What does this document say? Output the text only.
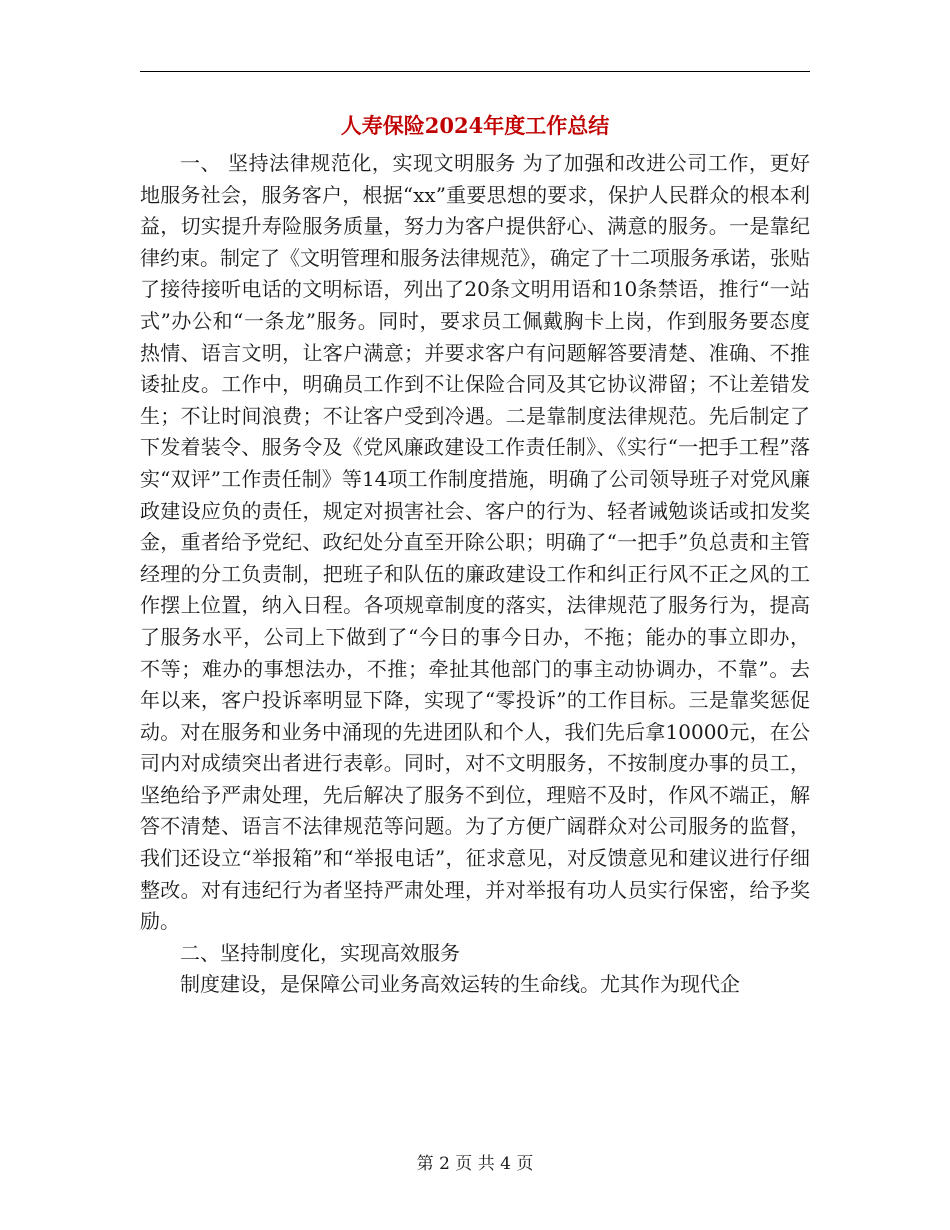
人寿保险2024年度工作总结

一、 坚持法律规范化，实现文明服务 为了加强和改进公司工作，更好地服务社会，服务客户，根据“xx”重要思想的要求，保护人民群众的根本利益，切实提升寿险服务质量，努力为客户提供舒心、满意的服务。一是靠纪律约束。制定了《文明管理和服务法律规范》，确定了十二项服务承诺，张贴了接待接听电话的文明标语，列出了20条文明用语和10条禁语，推行“一站式”办公和“一条龙”服务。同时，要求员工佩戴胸卡上岗，作到服务要态度热情、语言文明，让客户满意；并要求客户有问题解答要清楚、准确、不推诿扯皮。工作中，明确员工作到不让保险合同及其它协议滞留；不让差错发生；不让时间浪费；不让客户受到冷遇。二是靠制度法律规范。先后制定了下发着装令、服务令及《党风廉政建设工作责任制》、《实行“一把手工程”落实“双评”工作责任制》等14项工作制度措施，明确了公司领导班子对党风廉政建设应负的责任，规定对损害社会、客户的行为、轻者诫勉谈话或扣发奖金，重者给予党纪、政纪处分直至开除公职；明确了“一把手”负总责和主管经理的分工负责制，把班子和队伍的廉政建设工作和纠正行风不正之风的工作摆上位置，纳入日程。各项规章制度的落实，法律规范了服务行为，提高了服务水平，公司上下做到了“今日的事今日办，不拖；能办的事立即办，不等；难办的事想法办，不推；牵扯其他部门的事主动协调办，不靠”。去年以来，客户投诉率明显下降，实现了“零投诉”的工作目标。三是靠奖惩促动。对在服务和业务中涌现的先进团队和个人，我们先后拿10000元，在公司内对成绩突出者进行表彰。同时，对不文明服务，不按制度办事的员工，坚绝给予严肃处理，先后解决了服务不到位，理赔不及时，作风不端正，解答不清楚、语言不法律规范等问题。为了方便广阔群众对公司服务的监督，我们还设立“举报箱”和“举报电话”，征求意见，对反馈意见和建议进行仔细 整改。对有违纪行为者坚持严肃处理，并对举报有功人员实行保密，给予奖励。

二、坚持制度化，实现高效服务

制度建设，是保障公司业务高效运转的生命线。尤其作为现代企

第 2 页 共 4 页
